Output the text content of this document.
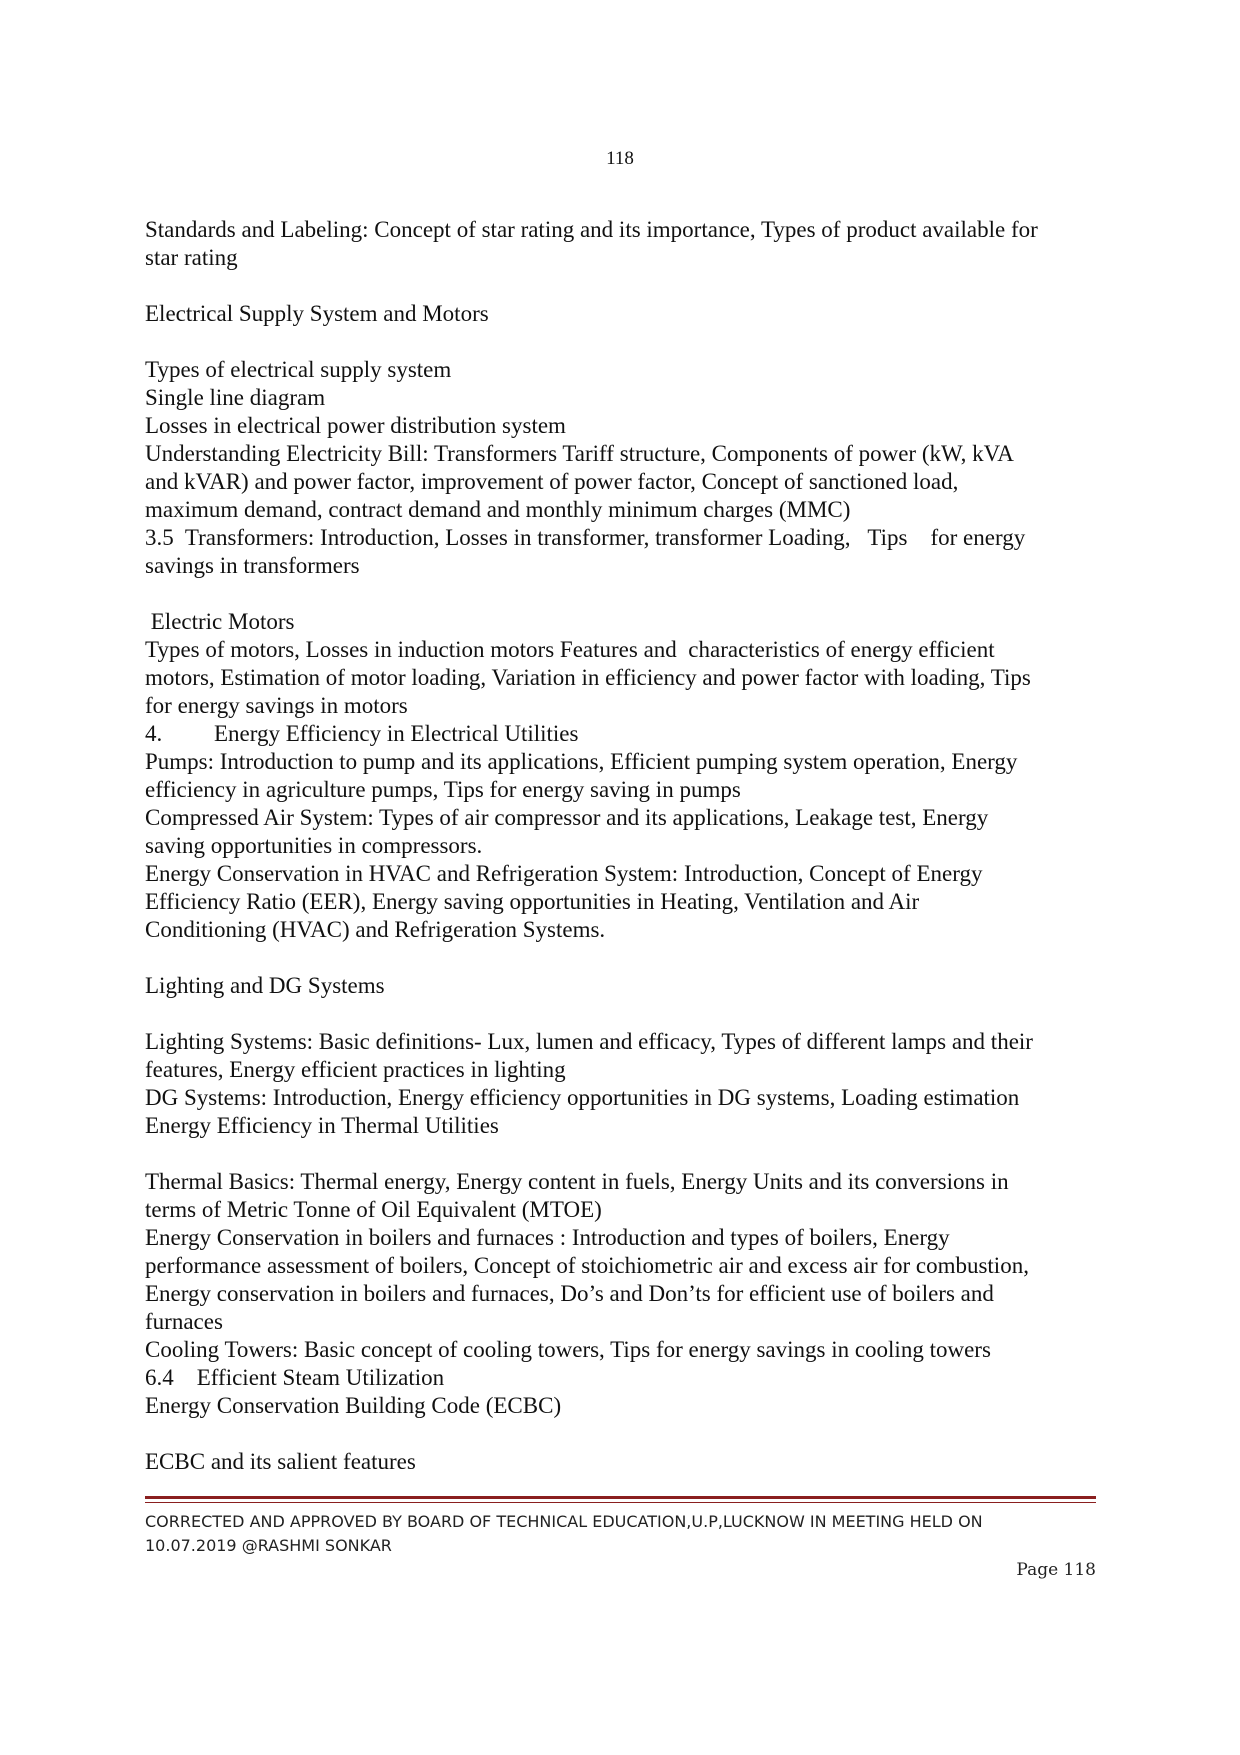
118
Standards and Labeling: Concept of star rating and its importance, Types of product available for
star rating
Electrical Supply System and Motors
Types of electrical supply system
Single line diagram
Losses in electrical power distribution system
Understanding Electricity Bill: Transformers Tariff structure, Components of power (kW, kVA
and kVAR) and power factor, improvement of power factor, Concept of sanctioned load,
maximum demand, contract demand and monthly minimum charges (MMC)
3.5  Transformers: Introduction, Losses in transformer, transformer Loading,   Tips    for energy
savings in transformers
Electric Motors
Types of motors, Losses in induction motors Features and  characteristics of energy efficient
motors, Estimation of motor loading, Variation in efficiency and power factor with loading, Tips
for energy savings in motors
4.         Energy Efficiency in Electrical Utilities
Pumps: Introduction to pump and its applications, Efficient pumping system operation, Energy
efficiency in agriculture pumps, Tips for energy saving in pumps
Compressed Air System: Types of air compressor and its applications, Leakage test, Energy
saving opportunities in compressors.
Energy Conservation in HVAC and Refrigeration System: Introduction, Concept of Energy
Efficiency Ratio (EER), Energy saving opportunities in Heating, Ventilation and Air
Conditioning (HVAC) and Refrigeration Systems.
Lighting and DG Systems
Lighting Systems: Basic definitions- Lux, lumen and efficacy, Types of different lamps and their
features, Energy efficient practices in lighting
DG Systems: Introduction, Energy efficiency opportunities in DG systems, Loading estimation
Energy Efficiency in Thermal Utilities
Thermal Basics: Thermal energy, Energy content in fuels, Energy Units and its conversions in
terms of Metric Tonne of Oil Equivalent (MTOE)
Energy Conservation in boilers and furnaces : Introduction and types of boilers, Energy
performance assessment of boilers, Concept of stoichiometric air and excess air for combustion,
Energy conservation in boilers and furnaces, Do’s and Don’ts for efficient use of boilers and
furnaces
Cooling Towers: Basic concept of cooling towers, Tips for energy savings in cooling towers
6.4    Efficient Steam Utilization
Energy Conservation Building Code (ECBC)
ECBC and its salient features
CORRECTED AND APPROVED BY BOARD OF TECHNICAL EDUCATION,U.P,LUCKNOW IN MEETING HELD ON
10.07.2019 @RASHMI SONKAR
Page 118
